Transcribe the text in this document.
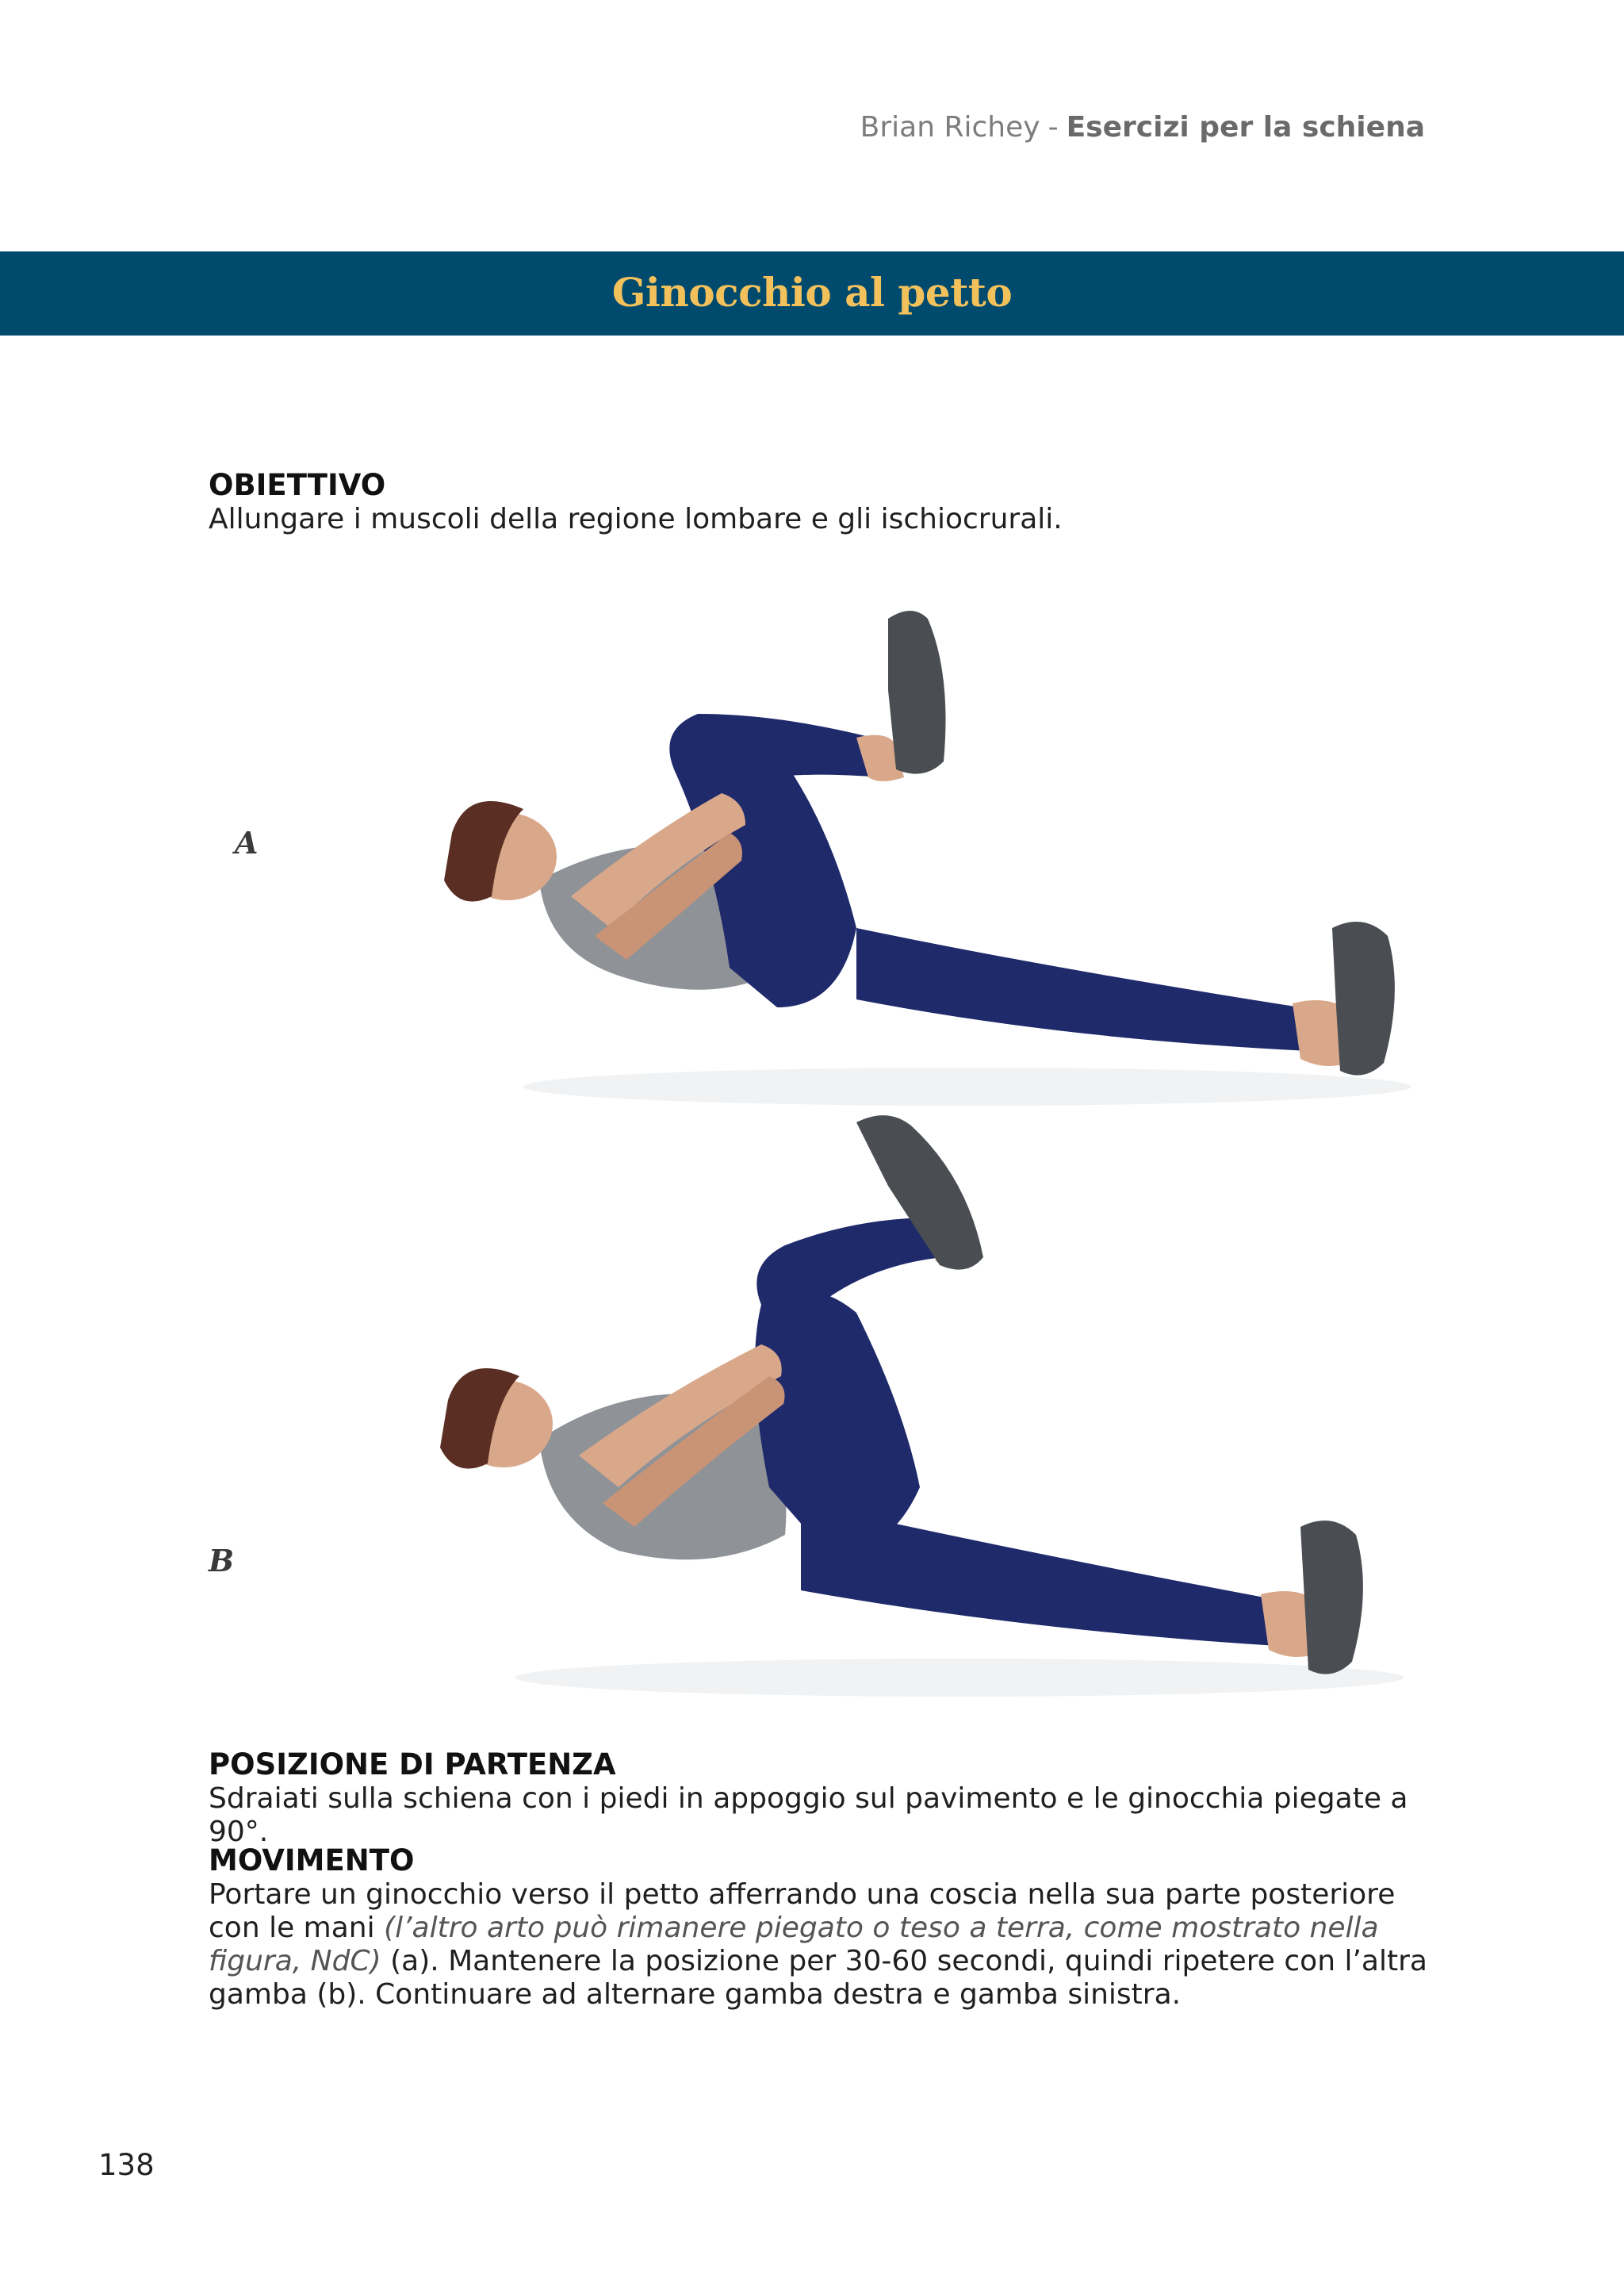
Brian Richey - Esercizi per la schiena
Ginocchio al petto

OBIETTIVO

Allungare i muscoli della regione lombare e gli ischiocrurali.

A
B

POSIZIONE DI PARTENZA

Sdraiati sulla schiena con i piedi in appoggio sul pavimento e le ginocchia piegate a 90°.

MOVIMENTO

Portare un ginocchio verso il petto afferrando una coscia nella sua parte posteriore con le mani (l’altro arto può rimanere piegato o teso a terra, come mostrato nella figura, NdC) (a). Mantenere la posizione per 30-60 secondi, quindi ripetere con l’altra gamba (b). Continuare ad alternare gamba destra e gamba sinistra.

138
